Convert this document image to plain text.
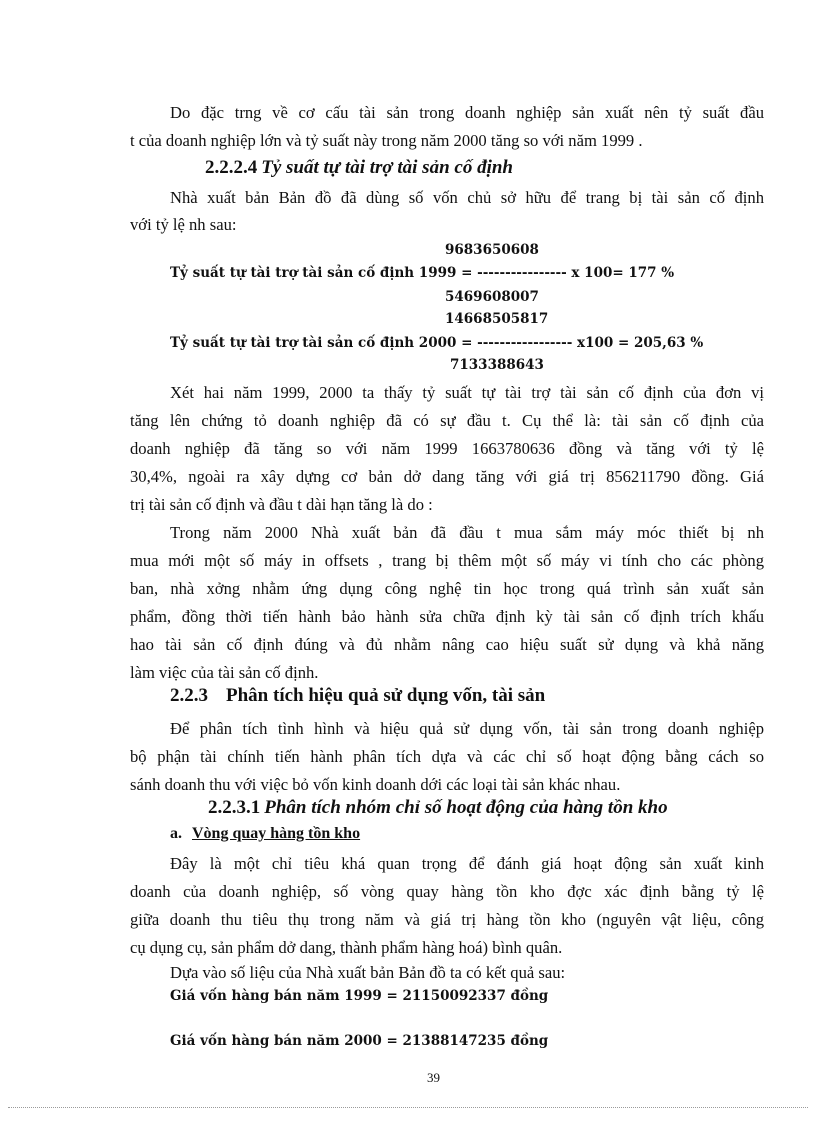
Do đặc trng về cơ cấu tài sản trong doanh nghiệp sản xuất nên tỷ suất đầu
t của doanh nghiệp lớn và tỷ suất này trong năm 2000 tăng so với năm 1999 .
2.2.2.4 Tỷ suất tự tài trợ tài sản cố định
Nhà xuất bản Bản đồ đã dùng số vốn chủ sở hữu để trang bị tài sản cố định
với tỷ lệ nh sau:
9683650608
Tỷ suất tự tài trợ tài sản cố định 1999 = ---------------- x 100= 177 %
5469608007
14668505817
Tỷ suất tự tài trợ tài sản cố định 2000 = ----------------- x100 = 205,63 %
7133388643
Xét hai năm 1999, 2000 ta thấy tỷ suất tự tài trợ tài sản cố định của đơn vị
tăng lên chứng tỏ doanh nghiệp đã có sự đầu t. Cụ thể là: tài sản cố định của
doanh nghiệp đã tăng so với năm 1999 1663780636 đồng và tăng với tỷ lệ
30,4%, ngoài ra xây dựng cơ bản dở dang tăng với giá trị 856211790 đồng. Giá
trị tài sản cố định và đầu t dài hạn tăng là do :
Trong năm 2000 Nhà xuất bản đã đầu t mua sắm máy móc thiết bị nh
mua mới một số máy in offsets , trang bị thêm một số máy vi tính cho các phòng
ban, nhà xởng nhằm ứng dụng công nghệ tin học trong quá trình sản xuất sản
phẩm, đồng thời tiến hành bảo hành sửa chữa định kỳ tài sản cố định trích khấu
hao tài sản cố định đúng và đủ nhằm nâng cao hiệu suất sử dụng và khả năng
làm việc của tài sản cố định.
2.2.3 Phân tích hiệu quả sử dụng vốn, tài sản
Để phân tích tình hình và hiệu quả sử dụng vốn, tài sản trong doanh nghiệp
bộ phận tài chính tiến hành phân tích dựa và các chỉ số hoạt động bằng cách so
sánh doanh thu với việc bỏ vốn kinh doanh dới các loại tài sản khác nhau.
2.2.3.1 Phân tích nhóm chỉ số hoạt động của hàng tồn kho
a. Vòng quay hàng tồn kho
Đây là một chỉ tiêu khá quan trọng để đánh giá hoạt động sản xuất kinh
doanh của doanh nghiệp, số vòng quay hàng tồn kho đợc xác định bằng tỷ lệ
giữa doanh thu tiêu thụ trong năm và giá trị hàng tồn kho (nguyên vật liệu, công
cụ dụng cụ, sản phẩm dở dang, thành phẩm hàng hoá) bình quân.
Dựa vào số liệu của Nhà xuất bản Bản đồ ta có kết quả sau:
Giá vốn hàng bán năm 1999 = 21150092337 đồng
Giá vốn hàng bán năm 2000 = 21388147235 đồng
39
